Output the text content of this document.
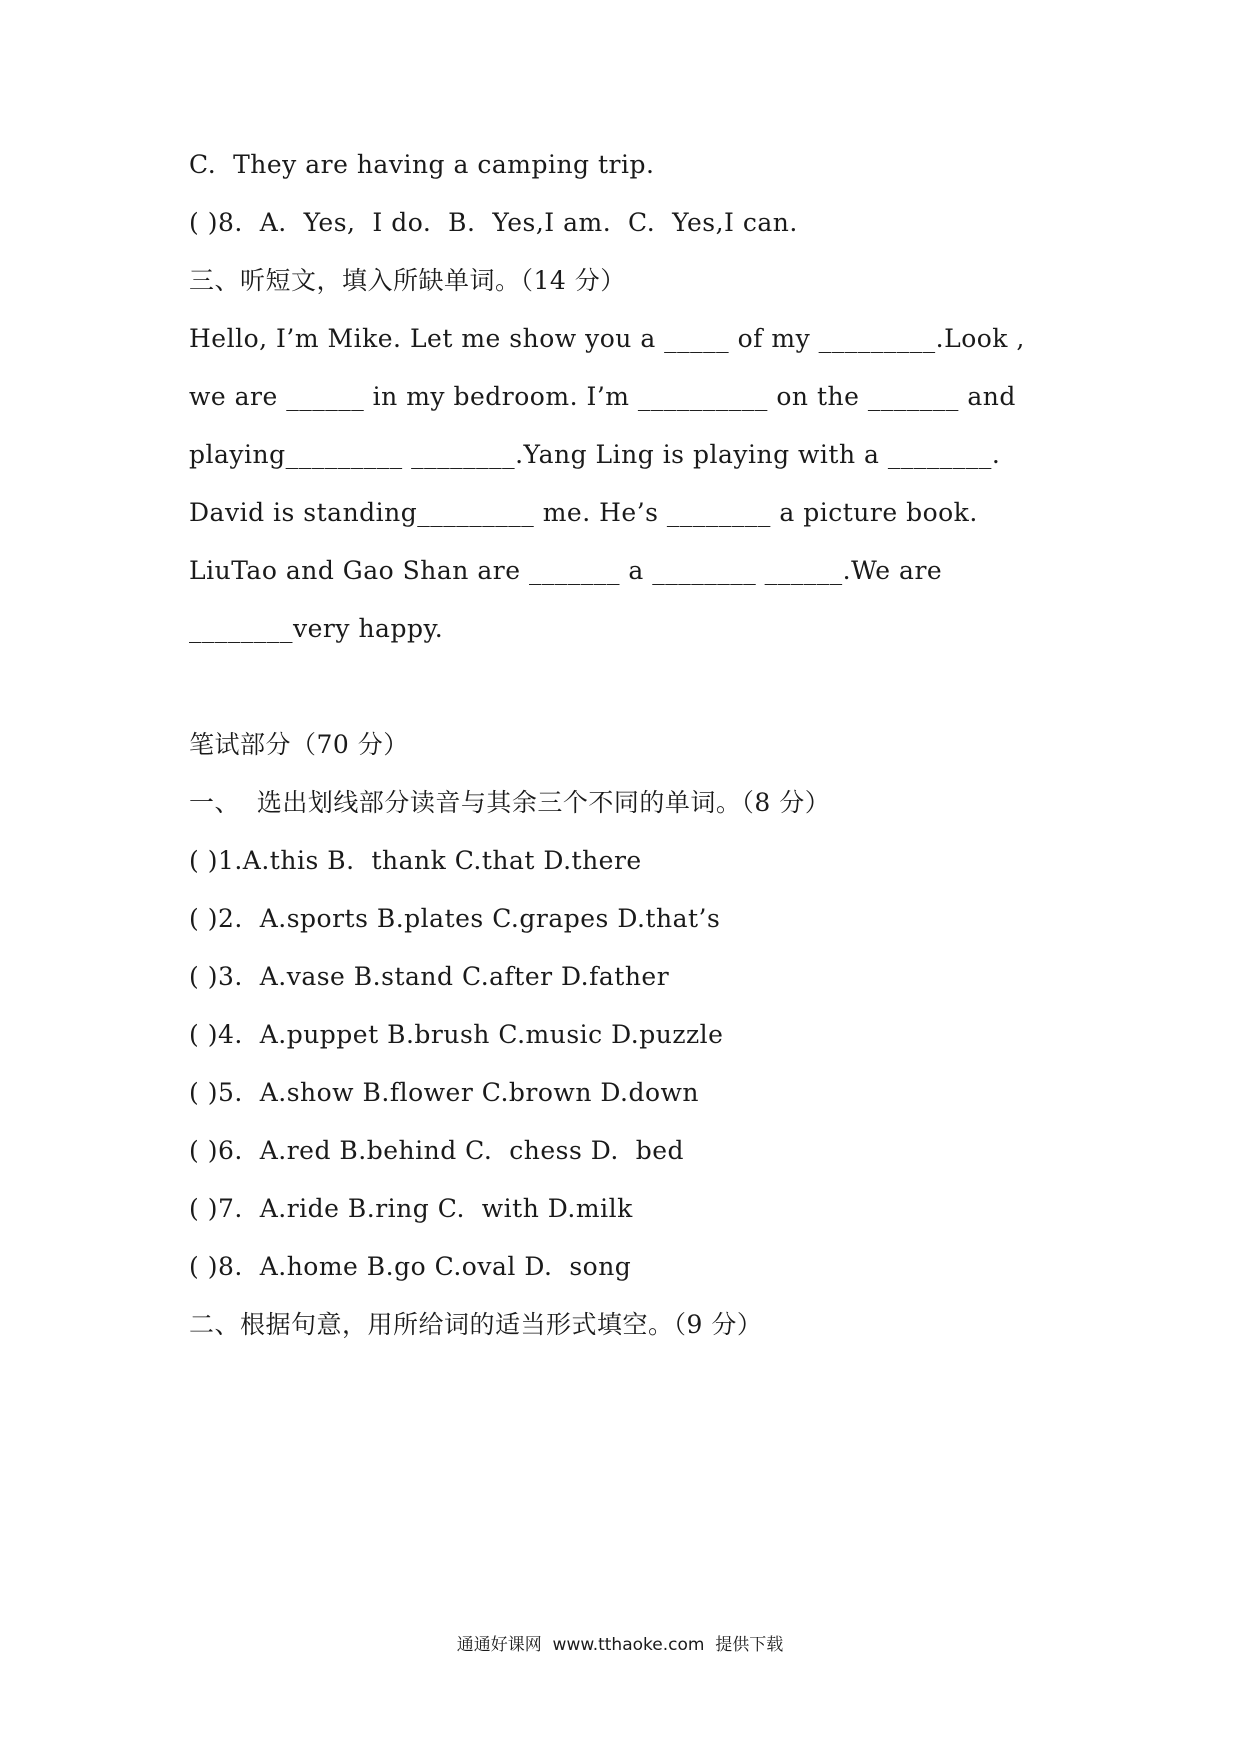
C.  They are having a camping trip.
( )8.  A.  Yes,  I do.  B.  Yes,I am.  C.  Yes,I can.
三、听短文，填入所缺单词。（14 分）
Hello, I’m Mike. Let me show you a _____ of my _________.Look ,
we are ______ in my bedroom. I’m __________ on the _______ and
playing_________ ________.Yang Ling is playing with a ________.
David is standing_________ me. He’s ________ a picture book.
LiuTao and Gao Shan are _______ a ________ ______.We are
________very happy.
笔试部分（70 分）
一、  选出划线部分读音与其余三个不同的单词。（8 分）
( )1.A.this B.  thank C.that D.there
( )2.  A.sports B.plates C.grapes D.that’s
( )3.  A.vase B.stand C.after D.father
( )4.  A.puppet B.brush C.music D.puzzle
( )5.  A.show B.flower C.brown D.down
( )6.  A.red B.behind C.  chess D.  bed
( )7.  A.ride B.ring C.  with D.milk
( )8.  A.home B.go C.oval D.  song
二、根据句意，用所给词的适当形式填空。（9 分）
通通好课网  www.tthaoke.com  提供下载
